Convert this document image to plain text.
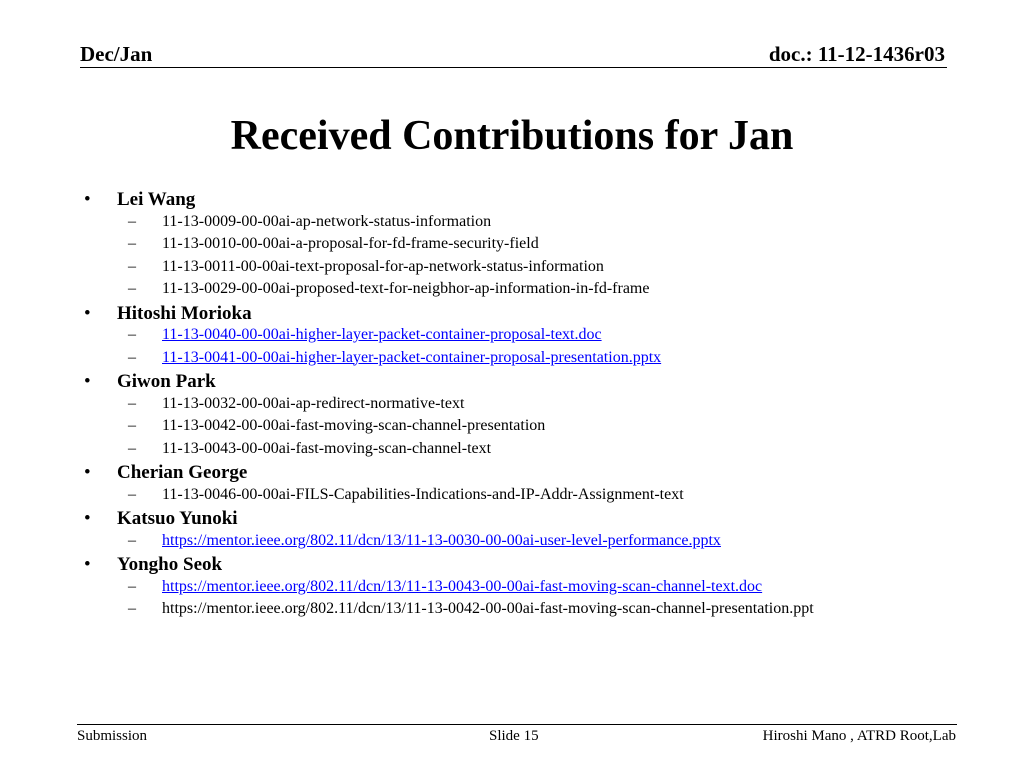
Dec/Jan	doc.: 11-12-1436r03
Received Contributions for Jan
• Lei Wang
– 11-13-0009-00-00ai-ap-network-status-information
– 11-13-0010-00-00ai-a-proposal-for-fd-frame-security-field
– 11-13-0011-00-00ai-text-proposal-for-ap-network-status-information
– 11-13-0029-00-00ai-proposed-text-for-neigbhor-ap-information-in-fd-frame
• Hitoshi Morioka
– 11-13-0040-00-00ai-higher-layer-packet-container-proposal-text.doc
– 11-13-0041-00-00ai-higher-layer-packet-container-proposal-presentation.pptx
• Giwon Park
– 11-13-0032-00-00ai-ap-redirect-normative-text
– 11-13-0042-00-00ai-fast-moving-scan-channel-presentation
– 11-13-0043-00-00ai-fast-moving-scan-channel-text
• Cherian George
– 11-13-0046-00-00ai-FILS-Capabilities-Indications-and-IP-Addr-Assignment-text
• Katsuo Yunoki
– https://mentor.ieee.org/802.11/dcn/13/11-13-0030-00-00ai-user-level-performance.pptx
• Yongho Seok
– https://mentor.ieee.org/802.11/dcn/13/11-13-0043-00-00ai-fast-moving-scan-channel-text.doc
– https://mentor.ieee.org/802.11/dcn/13/11-13-0042-00-00ai-fast-moving-scan-channel-presentation.ppt
Submission	Slide 15	Hiroshi Mano , ATRD Root,Lab
